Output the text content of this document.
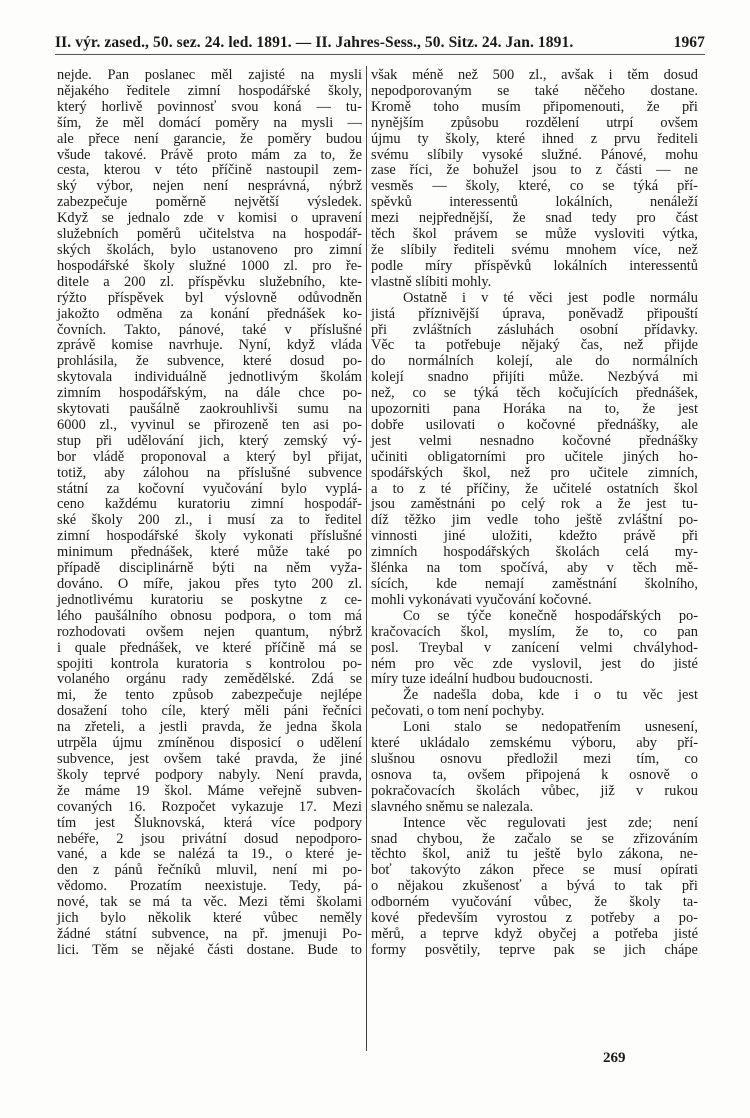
II. výr. zased., 50. sez. 24. led. 1891. — II. Jahres-Sess., 50. Sitz. 24. Jan. 1891.	1967
nejde. Pan poslanec měl zajisté na mysli
nějakého ředitele zimní hospodářské školy,
který horlivě povinnosť svou koná — tu-
ším, že měl domácí poměry na mysli —
ale přece není garancie, že poměry budou
všude takové. Právě proto mám za to, že
cesta, kterou v této příčině nastoupil zem-
ský výbor, nejen není nesprávná, nýbrž
zabezpečuje poměrně největší výsledek.
Když se jednalo zde v komisi o upravení
služebních poměrů učitelstva na hospodář-
ských školách, bylo ustanoveno pro zimní
hospodářské školy služné 1000 zl. pro ře-
ditele a 200 zl. příspěvku služebního, kte-
rýžto příspěvek byl výslovně odůvodněn
jakožto odměna za konání přednášek ko-
čovních. Takto, pánové, také v příslušné
zprávě komise navrhuje. Nyní, když vláda
prohlásila, že subvence, které dosud po-
skytovala individuálně jednotlivým školám
zimním hospodářským, na dále chce po-
skytovati paušálně zaokrouhlivši sumu na
6000 zl., vyvinul se přirozeně ten asi po-
stup při udělování jich, který zemský vý-
bor vládě proponoval a který byl přijat,
totiž, aby zálohou na příslušné subvence
státní za kočovní vyučování bylo vyplá-
ceno každému kuratoriu zimní hospodář-
ské školy 200 zl., i musí za to ředitel
zimní hospodářské školy vykonati příslušné
minimum přednášek, které může také po
případě disciplinárně býti na něm vyža-
dováno. O míře, jakou přes tyto 200 zl.
jednotlivému kuratoriu se poskytne z ce-
lého paušálního obnosu podpora, o tom má
rozhodovati ovšem nejen quantum, nýbrž
i quale přednášek, ve které příčině má se
spojiti kontrola kuratoria s kontrolou po-
volaného orgánu rady zemědělské. Zdá se
mi, že tento způsob zabezpečuje nejlépe
dosažení toho cíle, který měli páni řečníci
na zřeteli, a jestli pravda, že jedna škola
utrpěla újmu zmíněnou disposicí o udělení
subvence, jest ovšem také pravda, že jiné
školy teprvé podpory nabyly. Není pravda,
že máme 19 škol. Máme veřejně subven-
covaných 16. Rozpočet vykazuje 17. Mezi
tím jest Šluknovská, která více podpory
nebéře, 2 jsou privátní dosud nepodporo-
vané, a kde se nalézá ta 19., o které je-
den z pánů řečníků mluvil, není mi po-
vědomo. Prozatím neexistuje. Tedy, pá-
nové, tak se má ta věc. Mezi těmi školami
jich bylo několik které vůbec neměly
žádné státní subvence, na př. jmenuji Po-
lici. Těm se nějaké části dostane. Bude to
však méně než 500 zl., avšak i těm dosud
nepodporovaným se také něčeho dostane.
Kromě toho musím připomenouti, že při
nynějším způsobu rozdělení utrpí ovšem
újmu ty školy, které ihned z prvu řediteli
svému slíbily vysoké služné. Pánové, mohu
zase říci, že bohužel jsou to z části — ne
vesměs — školy, které, co se týká pří-
spěvků	interessentů	lokálních,	nenáleží
mezi nejpřednější, že snad tedy pro část
těch škol právem se může vysloviti výtka,
že slíbily řediteli svému mnohem více, než
podle míry příspěvků lokálních interessentů
vlastně slíbiti mohly.
Ostatně i v té věci jest podle normálu
jistá příznivější úprava, poněvadž připouští
při zvláštních zásluhách osobní přídavky.
Věc ta potřebuje nějaký čas, než přijde
do normálních kolejí, ale do normálních
kolejí snadno přijíti může. Nezbývá mi
než, co se týká těch kočujících přednášek,
upozorniti pana Horáka na to, že jest
dobře usilovati o kočovné přednášky, ale
jest velmi nesnadno kočovné přednášky
učiniti obligatorními pro učitele jiných ho-
spodářských škol, než pro učitele zimních,
a to z té příčiny, že učitelé ostatních škol
jsou zaměstnáni po celý rok a že jest tu-
díž těžko jim vedle toho ještě zvláštní po-
vinnosti jiné uložiti, kdežto právě při
zimních hospodářských školách celá my-
šlénka na tom spočívá, aby v těch mě-
sících, kde nemají zaměstnání školního,
mohli vykonávati vyučování kočovné.
Co se týče konečně hospodářských po-
kračovacích škol, myslím, že to, co pan
posl. Treybal v zanícení velmi chvályhod-
ném pro věc zde vyslovil, jest do jisté
míry tuze ideální hudbou budoucnosti.
Že nadešla doba, kde i o tu věc jest
pečovati, o tom není pochyby.
Loni stalo se nedopatřením usnesení,
které ukládalo zemskému výboru, aby pří-
slušnou osnovu předložil mezi tím, co
osnova ta, ovšem připojená k osnově o
pokračovacích školách vůbec, již v rukou
slavného sněmu se nalezala.
Intence věc regulovati jest zde; není
snad chybou, že začalo se se zřizováním
těchto škol, aniž tu ještě bylo zákona, ne-
boť takovýto zákon přece se musí opírati
o nějakou zkušenosť a bývá to tak při
odborném vyučování vůbec, že školy ta-
kové především vyrostou z potřeby a po-
měrů, a teprve když obyčej a potřeba jisté
formy posvětily, teprve pak se jich chápe
269
